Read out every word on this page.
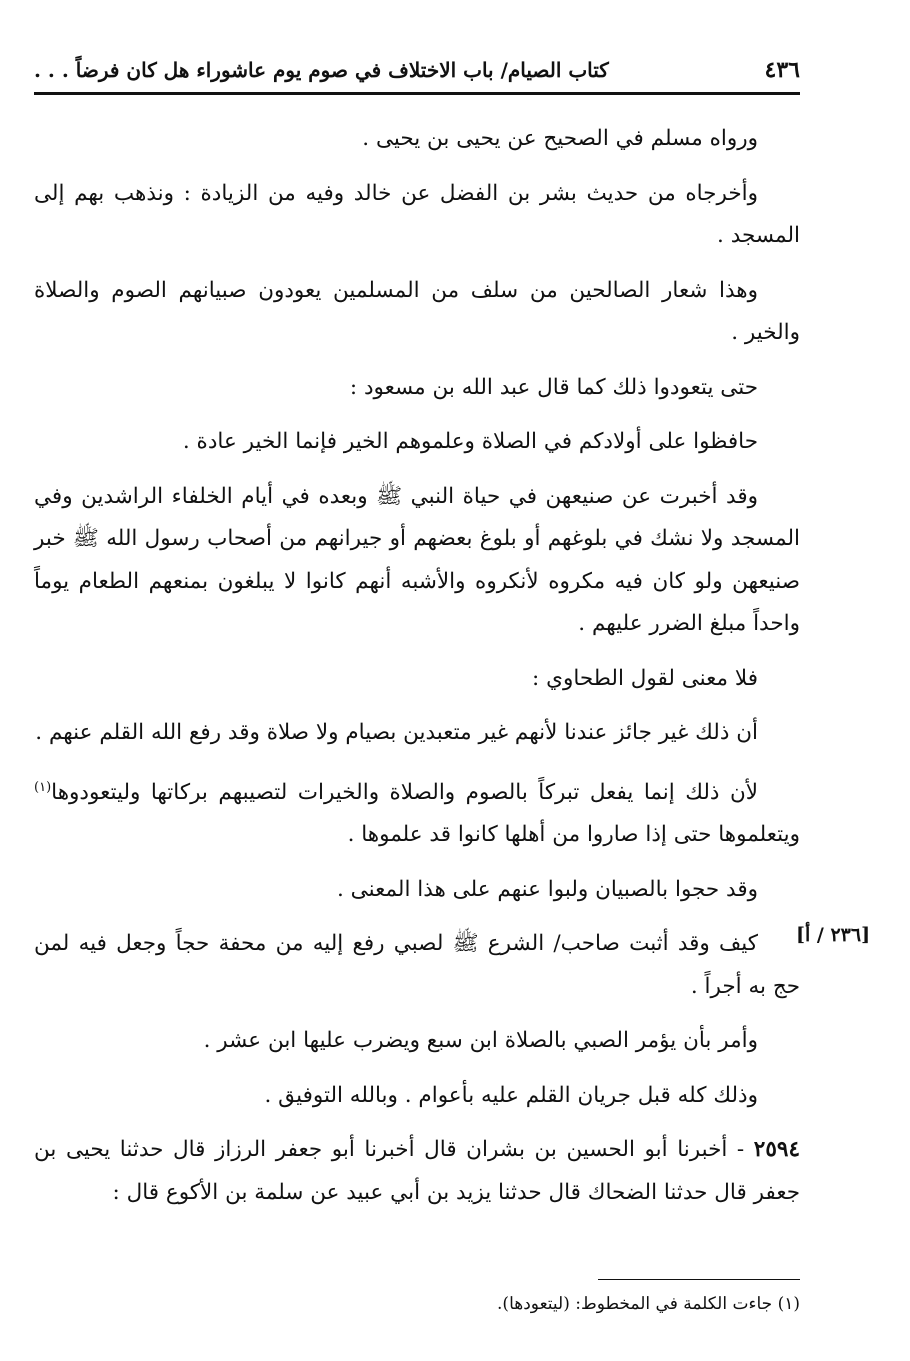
٤٣٦
كتاب الصيام/ باب الاختلاف في صوم يوم عاشوراء هل كان فرضاً . . .

ورواه مسلم في الصحيح عن يحيى بن يحيى .

وأخرجاه من حديث بشر بن الفضل عن خالد وفيه من الزيادة : ونذهب بهم إلى المسجد .

وهذا شعار الصالحين من سلف من المسلمين يعودون صبيانهم الصوم والصلاة والخير .

حتى يتعودوا ذلك كما قال عبد الله بن مسعود :

حافظوا على أولادكم في الصلاة وعلموهم الخير فإنما الخير عادة .

وقد أخبرت عن صنيعهن في حياة النبي ﷺ وبعده في أيام الخلفاء الراشدين وفي المسجد ولا نشك في بلوغهم أو بلوغ بعضهم أو جيرانهم من أصحاب رسول الله ﷺ خبر صنيعهن ولو كان فيه مكروه لأنكروه والأشبه أنهم كانوا لا يبلغون بمنعهم الطعام يوماً واحداً مبلغ الضرر عليهم .

فلا معنى لقول الطحاوي :

أن ذلك غير جائز عندنا لأنهم غير متعبدين بصيام ولا صلاة وقد رفع الله القلم عنهم .

لأن ذلك إنما يفعل تبركاً بالصوم والصلاة والخيرات لتصيبهم بركاتها وليتعودوها$^{(١)}$ ويتعلموها حتى إذا صاروا من أهلها كانوا قد علموها .

وقد حجوا بالصبيان ولبوا عنهم على هذا المعنى .

كيف وقد أثبت صاحب/ الشرع ﷺ لصبي رفع إليه من محفة حجاً وجعل فيه لمن حج به أجراً .

وأمر بأن يؤمر الصبي بالصلاة ابن سبع ويضرب عليها ابن عشر .

وذلك كله قبل جريان القلم عليه بأعوام . وبالله التوفيق .

٢٥٩٤ - أخبرنا أبو الحسين بن بشران قال أخبرنا أبو جعفر الرزاز قال حدثنا يحيى بن جعفر قال حدثنا الضحاك قال حدثنا يزيد بن أبي عبيد عن سلمة بن الأكوع قال :

[٢٣٦ / أ]
(١) جاءت الكلمة في المخطوط: (ليتعودها).
